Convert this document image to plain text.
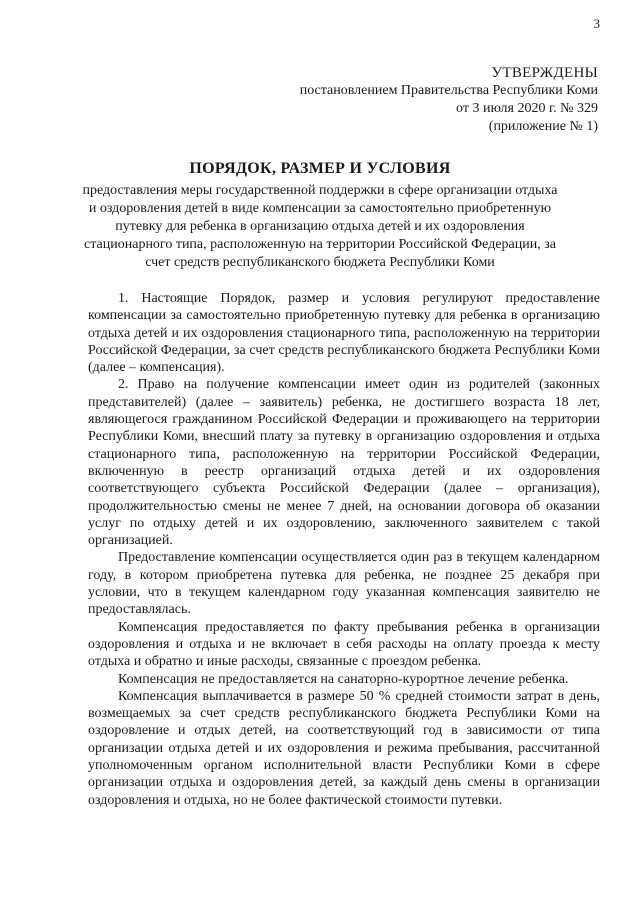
3
УТВЕРЖДЕНЫ
постановлением Правительства Республики Коми
от 3 июля 2020 г. № 329
(приложение № 1)
ПОРЯДОК, РАЗМЕР И УСЛОВИЯ
предоставления меры государственной поддержки в сфере организации отдыха и оздоровления детей в виде компенсации за самостоятельно приобретенную путевку для ребенка в организацию отдыха детей и их оздоровления стационарного типа, расположенную на территории Российской Федерации, за счет средств республиканского бюджета Республики Коми

1. Настоящие Порядок, размер и условия регулируют предоставление компенсации за самостоятельно приобретенную путевку для ребенка в организацию отдыха детей и их оздоровления стационарного типа, расположенную на территории Российской Федерации, за счет средств республиканского бюджета Республики Коми (далее – компенсация).

2. Право на получение компенсации имеет один из родителей (законных представителей) (далее – заявитель) ребенка, не достигшего возраста 18 лет, являющегося гражданином Российской Федерации и проживающего на территории Республики Коми, внесший плату за путевку в организацию оздоровления и отдыха стационарного типа, расположенную на территории Российской Федерации, включенную в реестр организаций отдыха детей и их оздоровления соответствующего субъекта Российской Федерации (далее – организация), продолжительностью смены не менее 7 дней, на основании договора об оказании услуг по отдыху детей и их оздоровлению, заключенного заявителем с такой организацией.

Предоставление компенсации осуществляется один раз в текущем календарном году, в котором приобретена путевка для ребенка, не позднее 25 декабря при условии, что в текущем календарном году указанная компенсация заявителю не предоставлялась.

Компенсация предоставляется по факту пребывания ребенка в организации оздоровления и отдыха и не включает в себя расходы на оплату проезда к месту отдыха и обратно и иные расходы, связанные с проездом ребенка.

Компенсация не предоставляется на санаторно-курортное лечение ребенка.

Компенсация выплачивается в размере 50 % средней стоимости затрат в день, возмещаемых за счет средств республиканского бюджета Республики Коми на оздоровление и отдых детей, на соответствующий год в зависимости от типа организации отдыха детей и их оздоровления и режима пребывания, рассчитанной уполномоченным органом исполнительной власти Республики Коми в сфере организации отдыха и оздоровления детей, за каждый день смены в организации оздоровления и отдыха, но не более фактической стоимости путевки.
